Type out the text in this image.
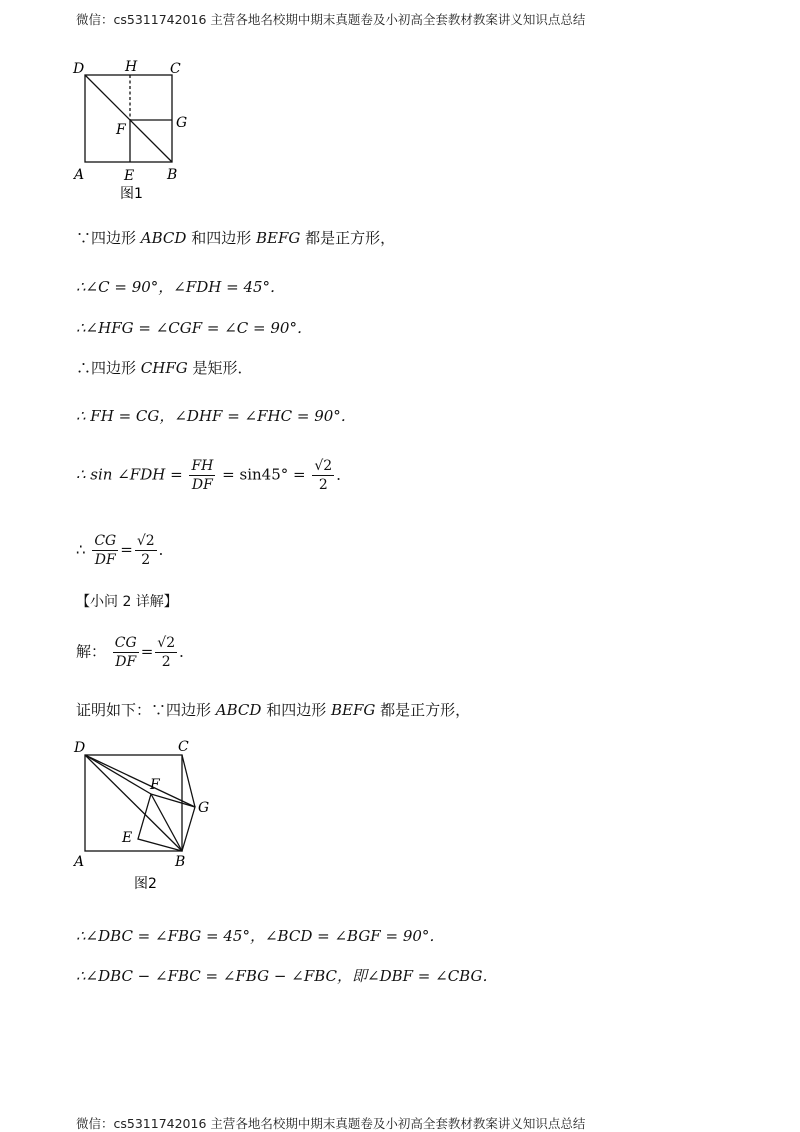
微信：cs5311742016 主营各地名校期中期末真题卷及小初高全套教材教案讲义知识点总结
D	H C
F	G
A	E B
图1
∵四边形 ABCD 和四边形 BEFG 都是正方形，
∴∠C = 90°，∠FDH = 45°．
∴∠HFG = ∠CGF = ∠C = 90°．
∴四边形 CHFG 是矩形．
∴ FH = CG，∠DHF = ∠FHC = 90°．
∴ sin ∠FDH = $\frac{FH}{DF} = \sin 45^\circ = \frac{√2}{2}$ ．
∴ $\frac{CG}{DF} = \frac{√2}{2}$ ．
【小问 2 详解】
解： $\frac{CG}{DF} = \frac{√2}{2}$ ．
证明如下：∵四边形 ABCD 和四边形 BEFG 都是正方形，
D	C
F
G
E
A	B
图2
∴∠DBC = ∠FBG = 45°，∠BCD = ∠BGF = 90°．
∴∠DBC − ∠FBC = ∠FBG − ∠FBC，即∠DBF = ∠CBG．
微信：cs5311742016 主营各地名校期中期末真题卷及小初高全套教材教案讲义知识点总结
